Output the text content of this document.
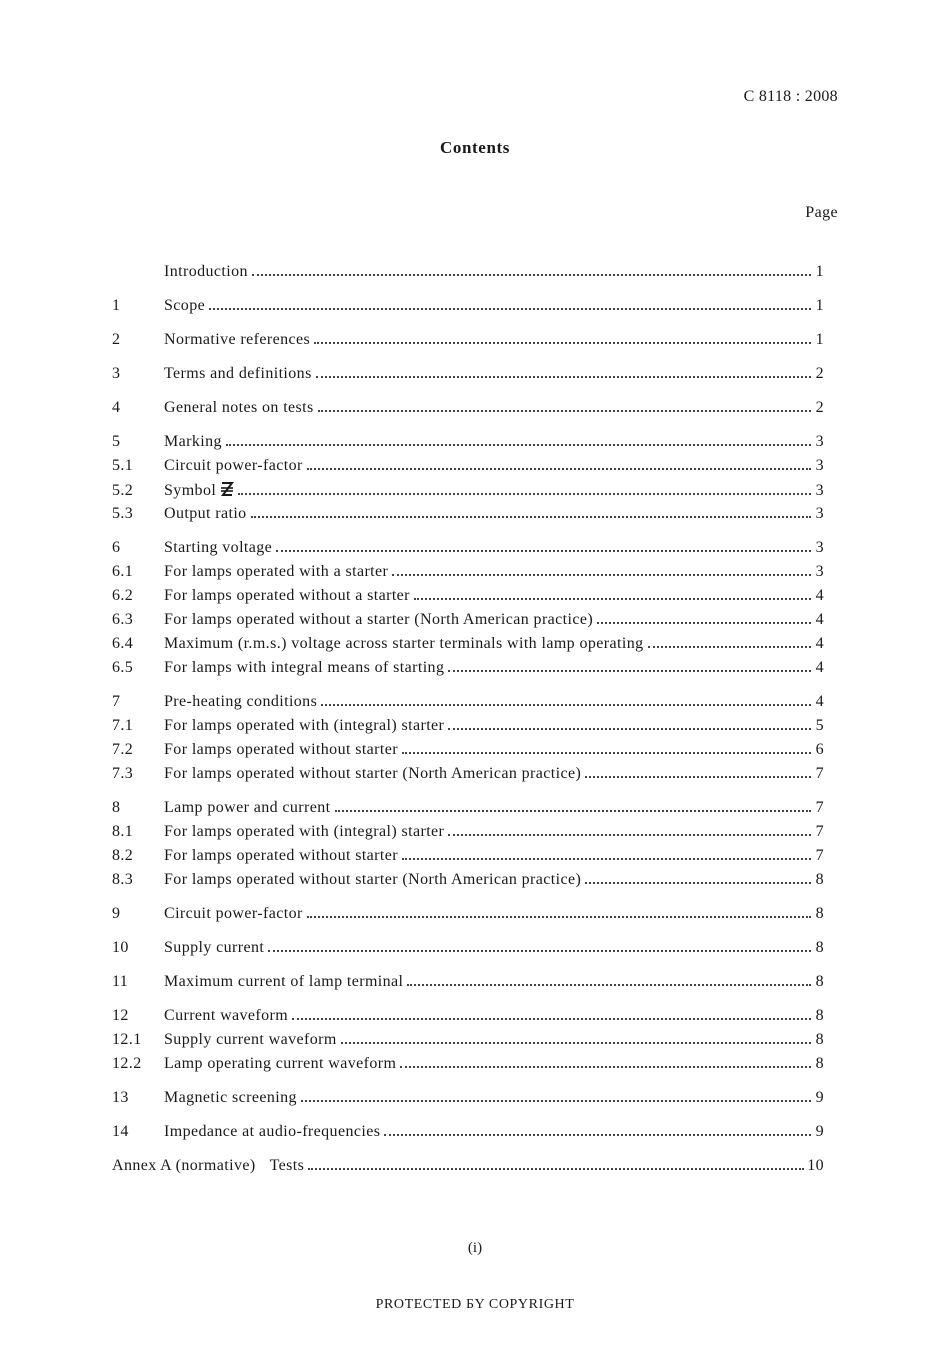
C 8118 : 2008
Contents
Page
Introduction	1
1	Scope	1
2	Normative references	1
3	Terms and definitions	2
4	General notes on tests	2
5	Marking	3
5.1	Circuit power-factor	3
5.2	Symbol	3
5.3	Output ratio	3
6	Starting voltage	3
6.1	For lamps operated with a starter	3
6.2	For lamps operated without a starter	4
6.3	For lamps operated without a starter (North American practice)	4
6.4	Maximum (r.m.s.) voltage across starter terminals with lamp operating	4
6.5	For lamps with integral means of starting	4
7	Pre-heating conditions	4
7.1	For lamps operated with (integral) starter	5
7.2	For lamps operated without starter	6
7.3	For lamps operated without starter (North American practice)	7
8	Lamp power and current	7
8.1	For lamps operated with (integral) starter	7
8.2	For lamps operated without starter	7
8.3	For lamps operated without starter (North American practice)	8
9	Circuit power-factor	8
10	Supply current	8
11	Maximum current of lamp terminal	8
12	Current waveform	8
12.1	Supply current waveform	8
12.2	Lamp operating current waveform	8
13	Magnetic screening	9
14	Impedance at audio-frequencies	9
Annex A (normative) Tests	10
(i)
PROTECTED БY COPYRIGHT
